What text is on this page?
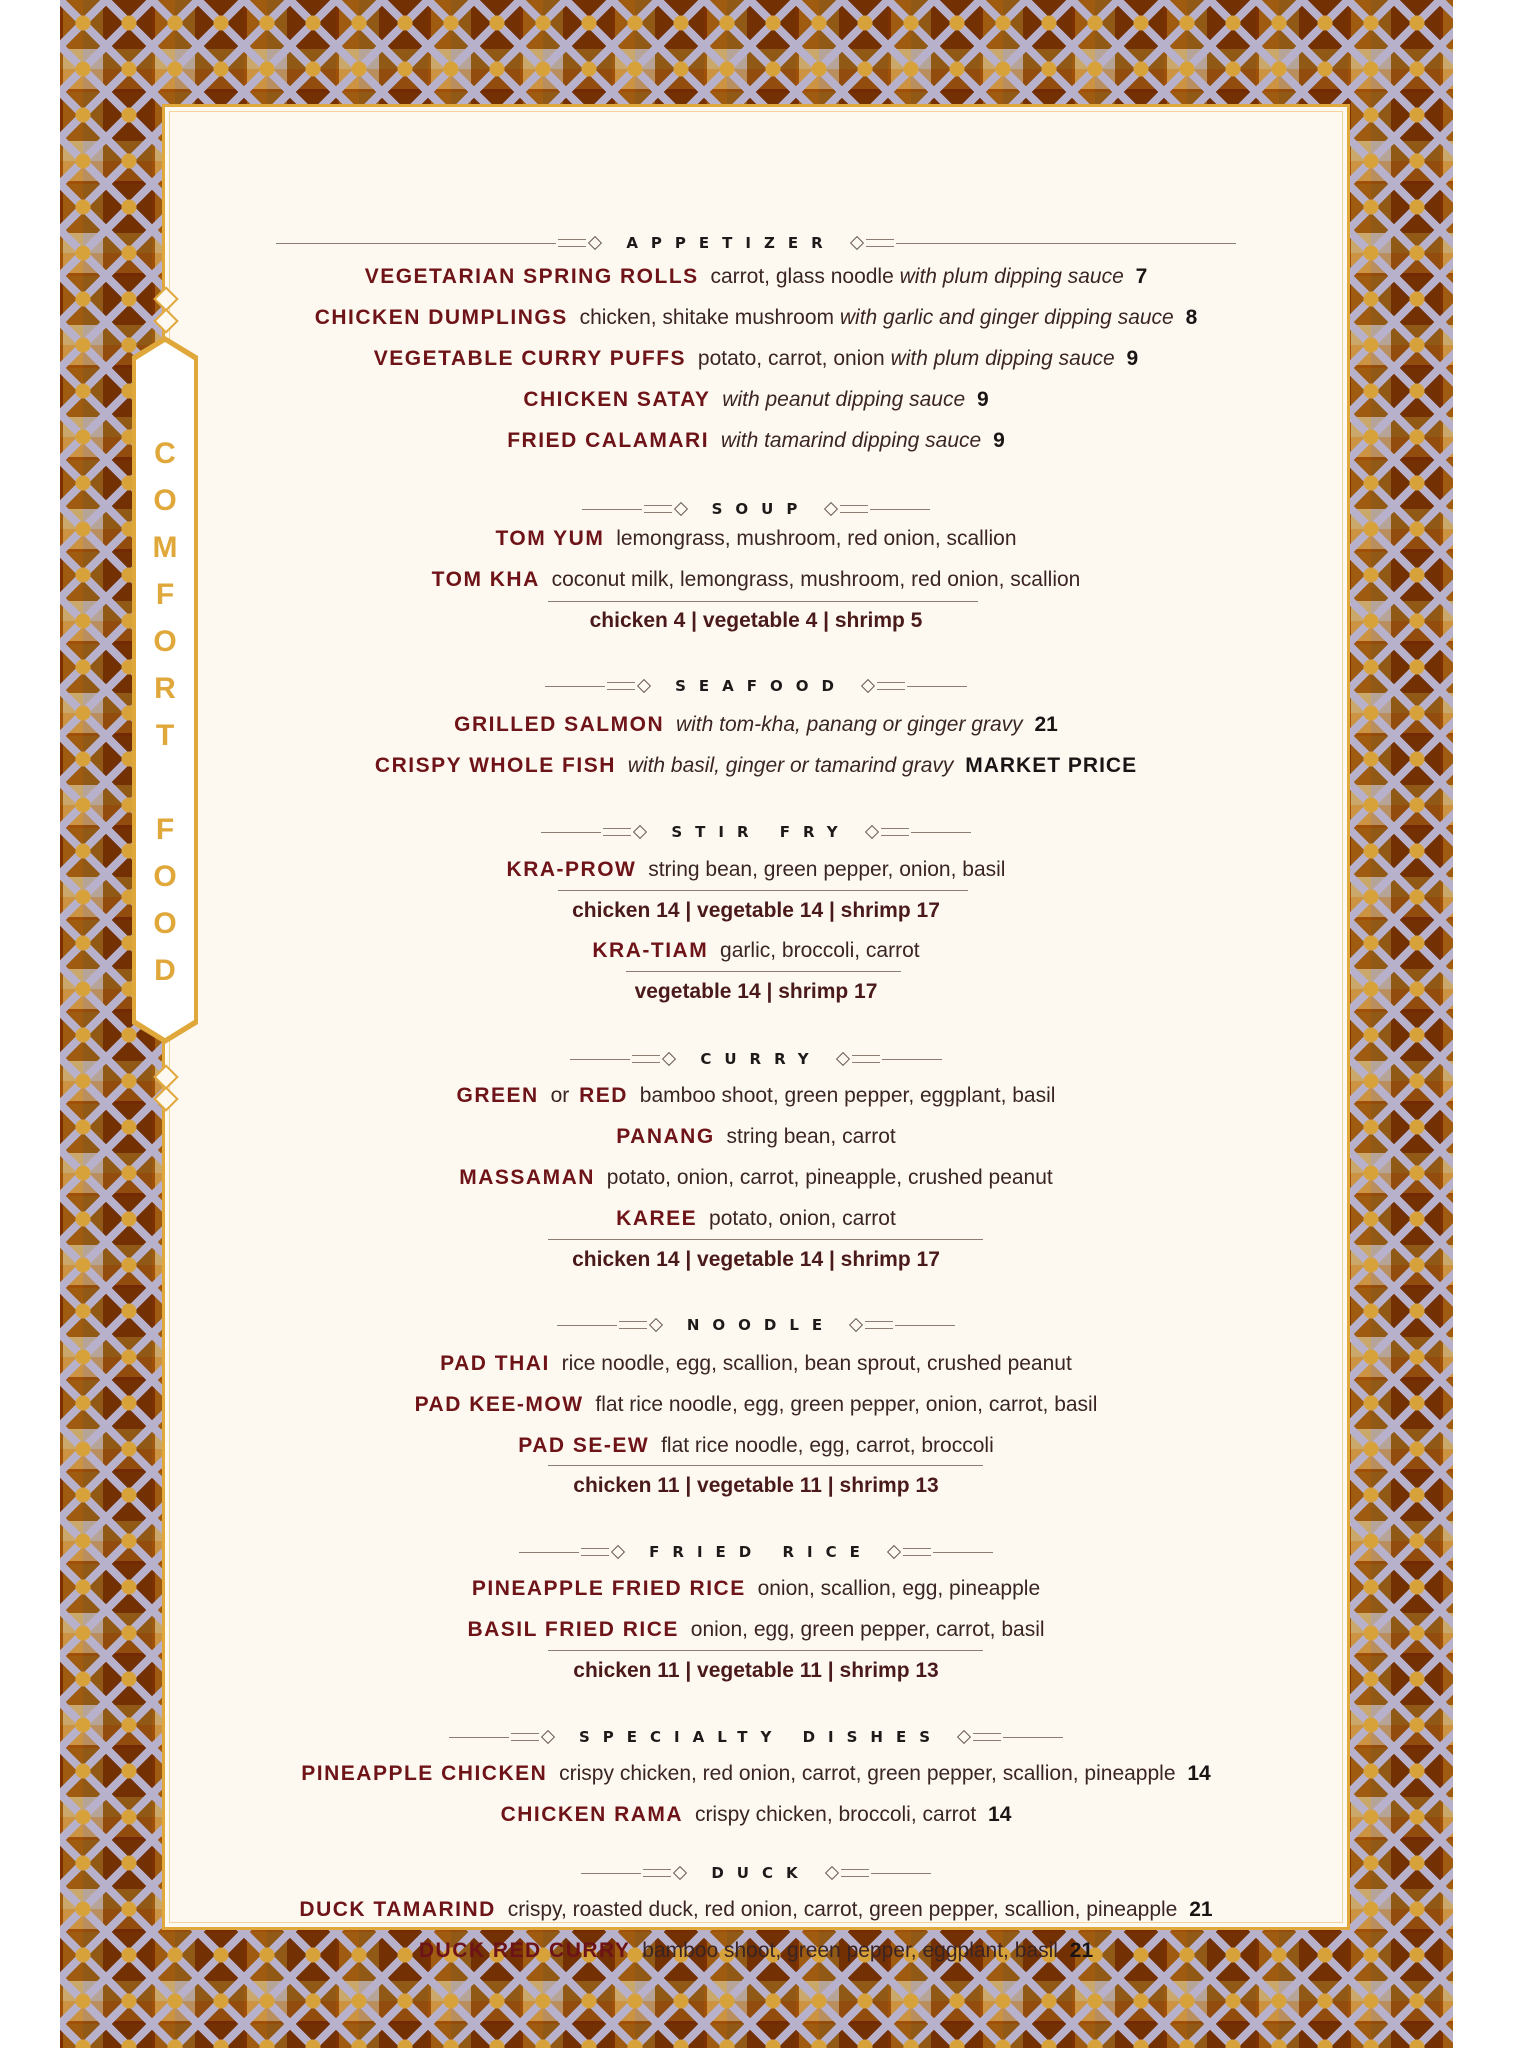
C
O
M
F
O
R
T

F
O
O
D
APPETIZER
VEGETARIAN SPRING ROLLS carrot, glass noodle with plum dipping sauce 7
CHICKEN DUMPLINGS chicken, shitake mushroom with garlic and ginger dipping sauce 8
VEGETABLE CURRY PUFFS potato, carrot, onion with plum dipping sauce 9
CHICKEN SATAY with peanut dipping sauce 9
FRIED CALAMARI with tamarind dipping sauce 9
SOUP
TOM YUM lemongrass, mushroom, red onion, scallion
TOM KHA coconut milk, lemongrass, mushroom, red onion, scallion
chicken 4 | vegetable 4 | shrimp 5
SEAFOOD
GRILLED SALMON with tom-kha, panang or ginger gravy 21
CRISPY WHOLE FISH with basil, ginger or tamarind gravy MARKET PRICE
STIR FRY
KRA-PROW string bean, green pepper, onion, basil
chicken 14 | vegetable 14 | shrimp 17
KRA-TIAM garlic, broccoli, carrot
vegetable 14 | shrimp 17
CURRY
GREEN or RED bamboo shoot, green pepper, eggplant, basil
PANANG string bean, carrot
MASSAMAN potato, onion, carrot, pineapple, crushed peanut
KAREE potato, onion, carrot
chicken 14 | vegetable 14 | shrimp 17
NOODLE
PAD THAI rice noodle, egg, scallion, bean sprout, crushed peanut
PAD KEE-MOW flat rice noodle, egg, green pepper, onion, carrot, basil
PAD SE-EW flat rice noodle, egg, carrot, broccoli
chicken 11 | vegetable 11 | shrimp 13
FRIED RICE
PINEAPPLE FRIED RICE onion, scallion, egg, pineapple
BASIL FRIED RICE onion, egg, green pepper, carrot, basil
chicken 11 | vegetable 11 | shrimp 13
SPECIALTY DISHES
PINEAPPLE CHICKEN crispy chicken, red onion, carrot, green pepper, scallion, pineapple 14
CHICKEN RAMA crispy chicken, broccoli, carrot 14
DUCK
DUCK TAMARIND crispy, roasted duck, red onion, carrot, green pepper, scallion, pineapple 21
DUCK RED CURRY bamboo shoot, green pepper, eggplant, basil 21
